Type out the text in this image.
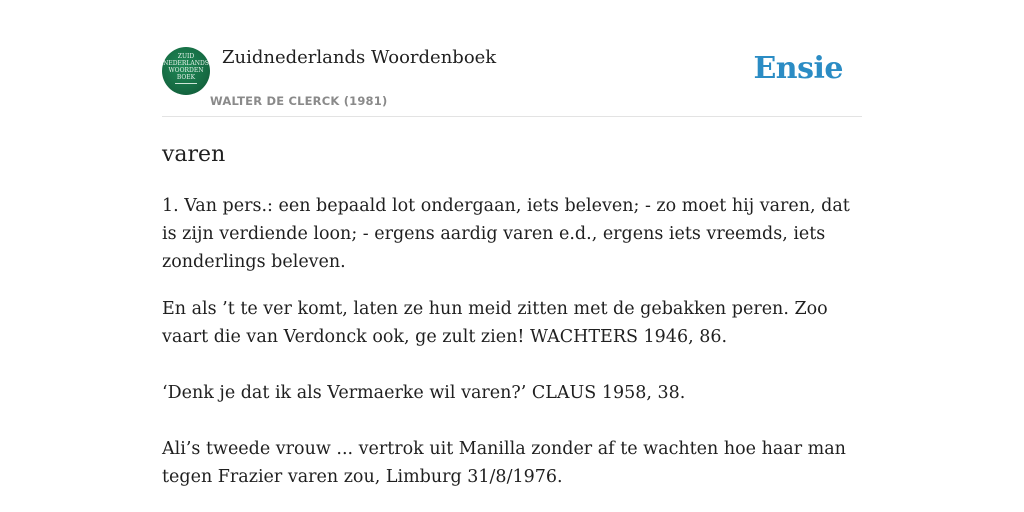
ZUID
NEDERLANDS
WOORDEN
BOEK
Zuidnederlands Woordenboek
WALTER DE CLERCK (1981)
Ensie
varen
1. Van pers.: een bepaald lot ondergaan, iets beleven; - zo moet hij varen, dat is zijn verdiende loon; - ergens aardig varen e.d., ergens iets vreemds, iets zonderlings beleven.
En als ’t te ver komt, laten ze hun meid zitten met de gebakken peren. Zoo vaart die van Verdonck ook, ge zult zien! WACHTERS 1946, 86.
‘Denk je dat ik als Vermaerke wil varen?’ CLAUS 1958, 38.
Ali’s tweede vrouw ... vertrok uit Manilla zonder af te wachten hoe haar man tegen Frazier varen zou, Limburg 31/8/1976.
